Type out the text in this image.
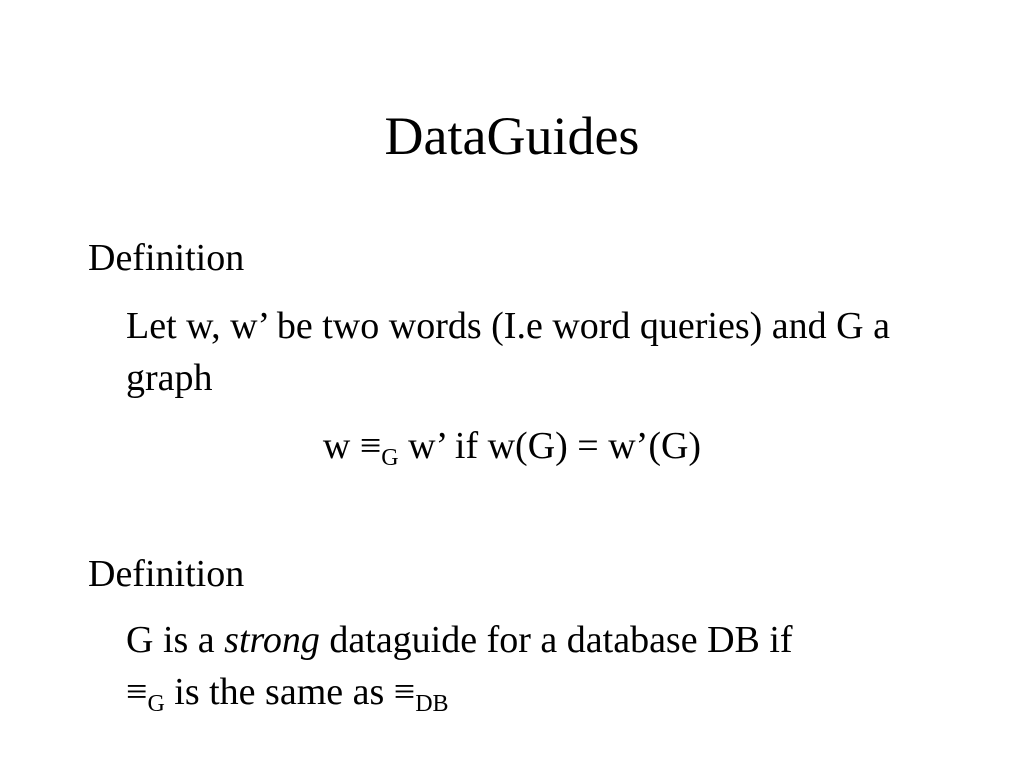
DataGuides
Definition
Let w, w’ be two words (I.e word queries) and G a graph
$w \equiv_G$ w’ if w(G) = w’(G)
Definition
G is a strong dataguide for a database DB if
$\equiv_G$ is the same as $\equiv_{DB}$
